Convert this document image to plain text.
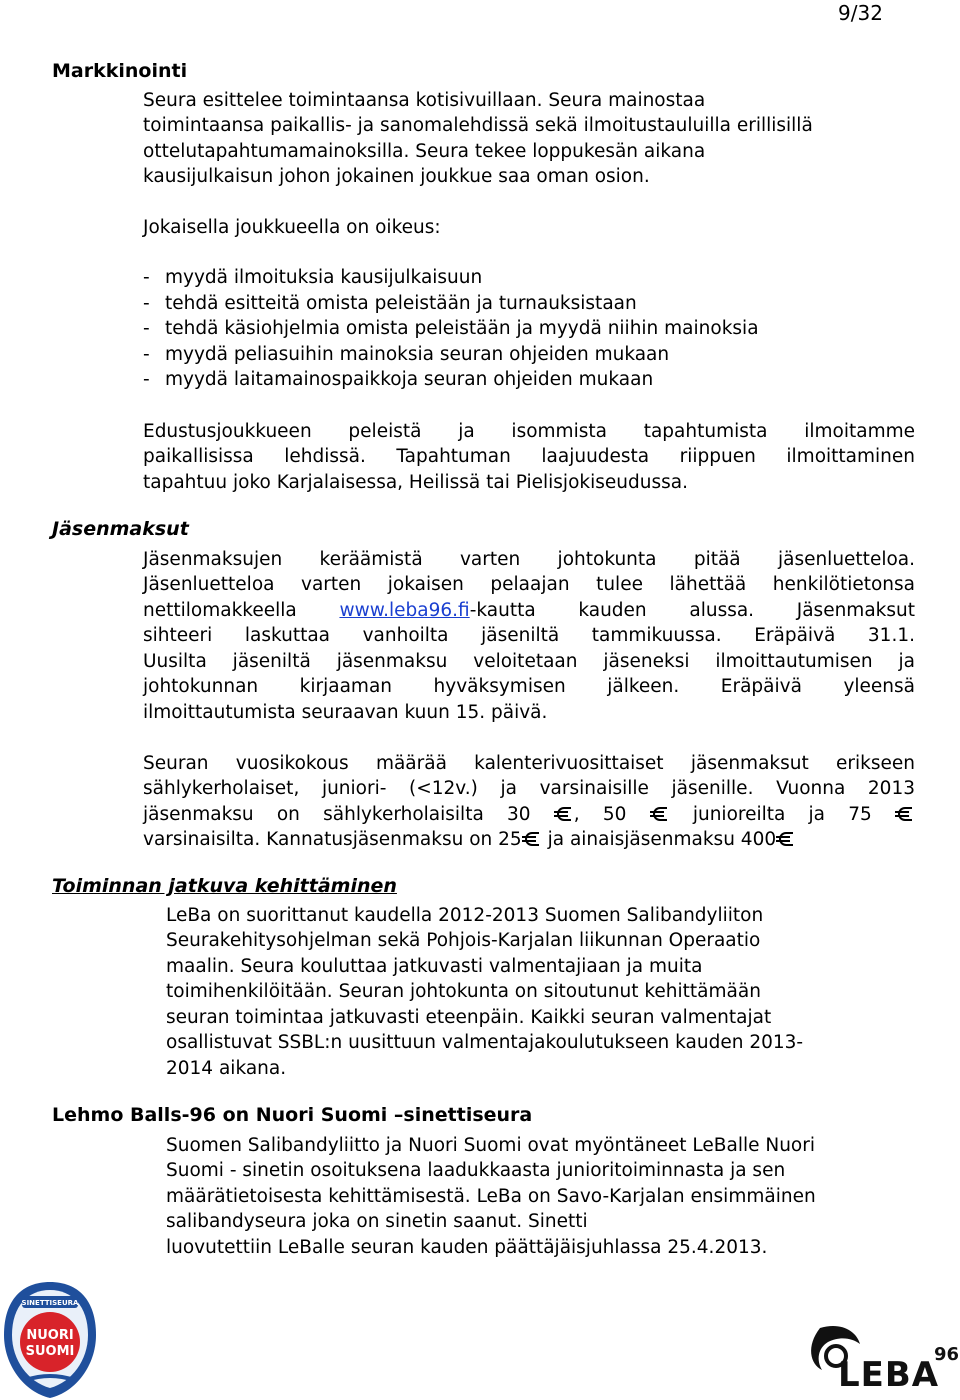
9/32
Markkinointi
Seura esittelee toimintaansa kotisivuillaan. Seura mainostaa
toimintaansa paikallis- ja sanomalehdissä sekä ilmoitustauluilla erillisillä
ottelutapahtumamainoksilla. Seura tekee loppukesän aikana
kausijulkaisun johon jokainen joukkue saa oman osion.
Jokaisella joukkueella on oikeus:
- myydä ilmoituksia kausijulkaisuun
- tehdä esitteitä omista peleistään ja turnauksistaan
- tehdä käsiohjelmia omista peleistään ja myydä niihin mainoksia
- myydä peliasuihin mainoksia seuran ohjeiden mukaan
- myydä laitamainospaikkoja seuran ohjeiden mukaan
Edustusjoukkueen peleistä ja isommista tapahtumista ilmoitamme
paikallisissa lehdissä. Tapahtuman laajuudesta riippuen ilmoittaminen
tapahtuu joko Karjalaisessa, Heilissä tai Pielisjokiseudussa.
Jäsenmaksut
Jäsenmaksujen keräämistä varten johtokunta pitää jäsenluetteloa.
Jäsenluetteloa varten jokaisen pelaajan tulee lähettää henkilötietonsa
nettilomakkeella www.leba96.fi-kautta kauden alussa. Jäsenmaksut
sihteeri laskuttaa vanhoilta jäseniltä tammikuussa. Eräpäivä 31.1.
Uusilta jäseniltä jäsenmaksu veloitetaan jäseneksi ilmoittautumisen ja
johtokunnan kirjaaman hyväksymisen jälkeen. Eräpäivä yleensä
ilmoittautumista seuraavan kuun 15. päivä.
Seuran vuosikokous määrää kalenterivuosittaiset jäsenmaksut erikseen
sählykerholaiset, juniori- (<12v.) ja varsinaisille jäsenille. Vuonna 2013
jäsenmaksu on sählykerholaisilta 30 , 50  junioreilta ja 75
varsinaisilta. Kannatusjäsenmaksu on 25 ja ainaisjäsenmaksu 400
Toiminnan jatkuva kehittäminen
LeBa on suorittanut kaudella 2012-2013 Suomen Salibandyliiton
Seurakehitysohjelman sekä Pohjois-Karjalan liikunnan Operaatio
maalin. Seura kouluttaa jatkuvasti valmentajiaan ja muita
toimihenkilöitään. Seuran johtokunta on sitoutunut kehittämään
seuran toimintaa jatkuvasti eteenpäin. Kaikki seuran valmentajat
osallistuvat SSBL:n uusittuun valmentajakoulutukseen kauden 2013-
2014 aikana.
Lehmo Balls-96 on Nuori Suomi –sinettiseura
Suomen Salibandyliitto ja Nuori Suomi ovat myöntäneet LeBalle Nuori
Suomi - sinetin osoituksena laadukkaasta junioritoiminnasta ja sen
määrätietoisesta kehittämisestä. LeBa on Savo-Karjalan ensimmäinen
salibandyseura joka on sinetin saanut. Sinetti
luovutettiin LeBalle seuran kauden päättäjäisjuhlassa 25.4.2013.
SINETTISEURA
NUORI
SUOMI
LEBA
96
